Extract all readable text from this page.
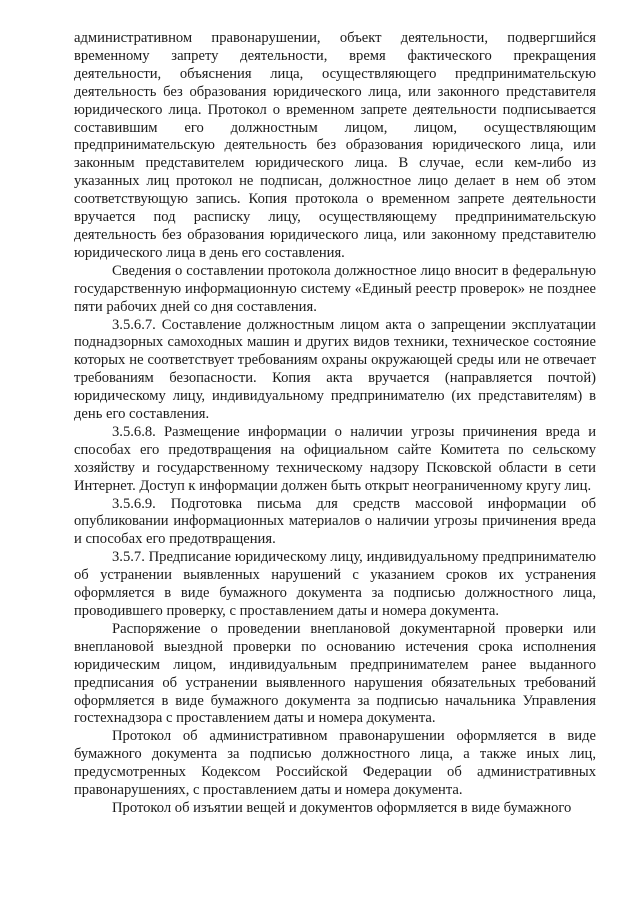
административном правонарушении, объект деятельности, подвергшийся временному запрету деятельности, время фактического прекращения деятельности, объяснения лица, осуществляющего предпринимательскую деятельность без образования юридического лица, или законного представителя юридического лица. Протокол о временном запрете деятельности подписывается составившим его должностным лицом, лицом, осуществляющим предпринимательскую деятельность без образования юридического лица, или законным представителем юридического лица. В случае, если кем-либо из указанных лиц протокол не подписан, должностное лицо делает в нем об этом соответствующую запись. Копия протокола о временном запрете деятельности вручается под расписку лицу, осуществляющему предпринимательскую деятельность без образования юридического лица, или законному представителю юридического лица в день его составления.

Сведения о составлении протокола должностное лицо вносит в федеральную государственную информационную систему «Единый реестр проверок» не позднее пяти рабочих дней со дня составления.

3.5.6.7. Составление должностным лицом акта о запрещении эксплуатации поднадзорных самоходных машин и других видов техники, техническое состояние которых не соответствует требованиям охраны окружающей среды или не отвечает требованиям безопасности. Копия акта вручается (направляется почтой) юридическому лицу, индивидуальному предпринимателю (их представителям) в день его составления.

3.5.6.8. Размещение информации о наличии угрозы причинения вреда и способах его предотвращения на официальном сайте Комитета по сельскому хозяйству и государственному техническому надзору Псковской области в сети Интернет. Доступ к информации должен быть открыт неограниченному кругу лиц.

3.5.6.9. Подготовка письма для средств массовой информации об опубликовании информационных материалов о наличии угрозы причинения вреда и способах его предотвращения.

3.5.7. Предписание юридическому лицу, индивидуальному предпринимателю об устранении выявленных нарушений с указанием сроков их устранения оформляется в виде бумажного документа за подписью должностного лица, проводившего проверку, с проставлением даты и номера документа.

Распоряжение о проведении внеплановой документарной проверки или внеплановой выездной проверки по основанию истечения срока исполнения юридическим лицом, индивидуальным предпринимателем ранее выданного предписания об устранении выявленного нарушения обязательных требований оформляется в виде бумажного документа за подписью начальника Управления гостехнадзора с проставлением даты и номера документа.

Протокол об административном правонарушении оформляется в виде бумажного документа за подписью должностного лица, а также иных лиц, предусмотренных Кодексом Российской Федерации об административных правонарушениях, с проставлением даты и номера документа.

Протокол об изъятии вещей и документов оформляется в виде бумажного
